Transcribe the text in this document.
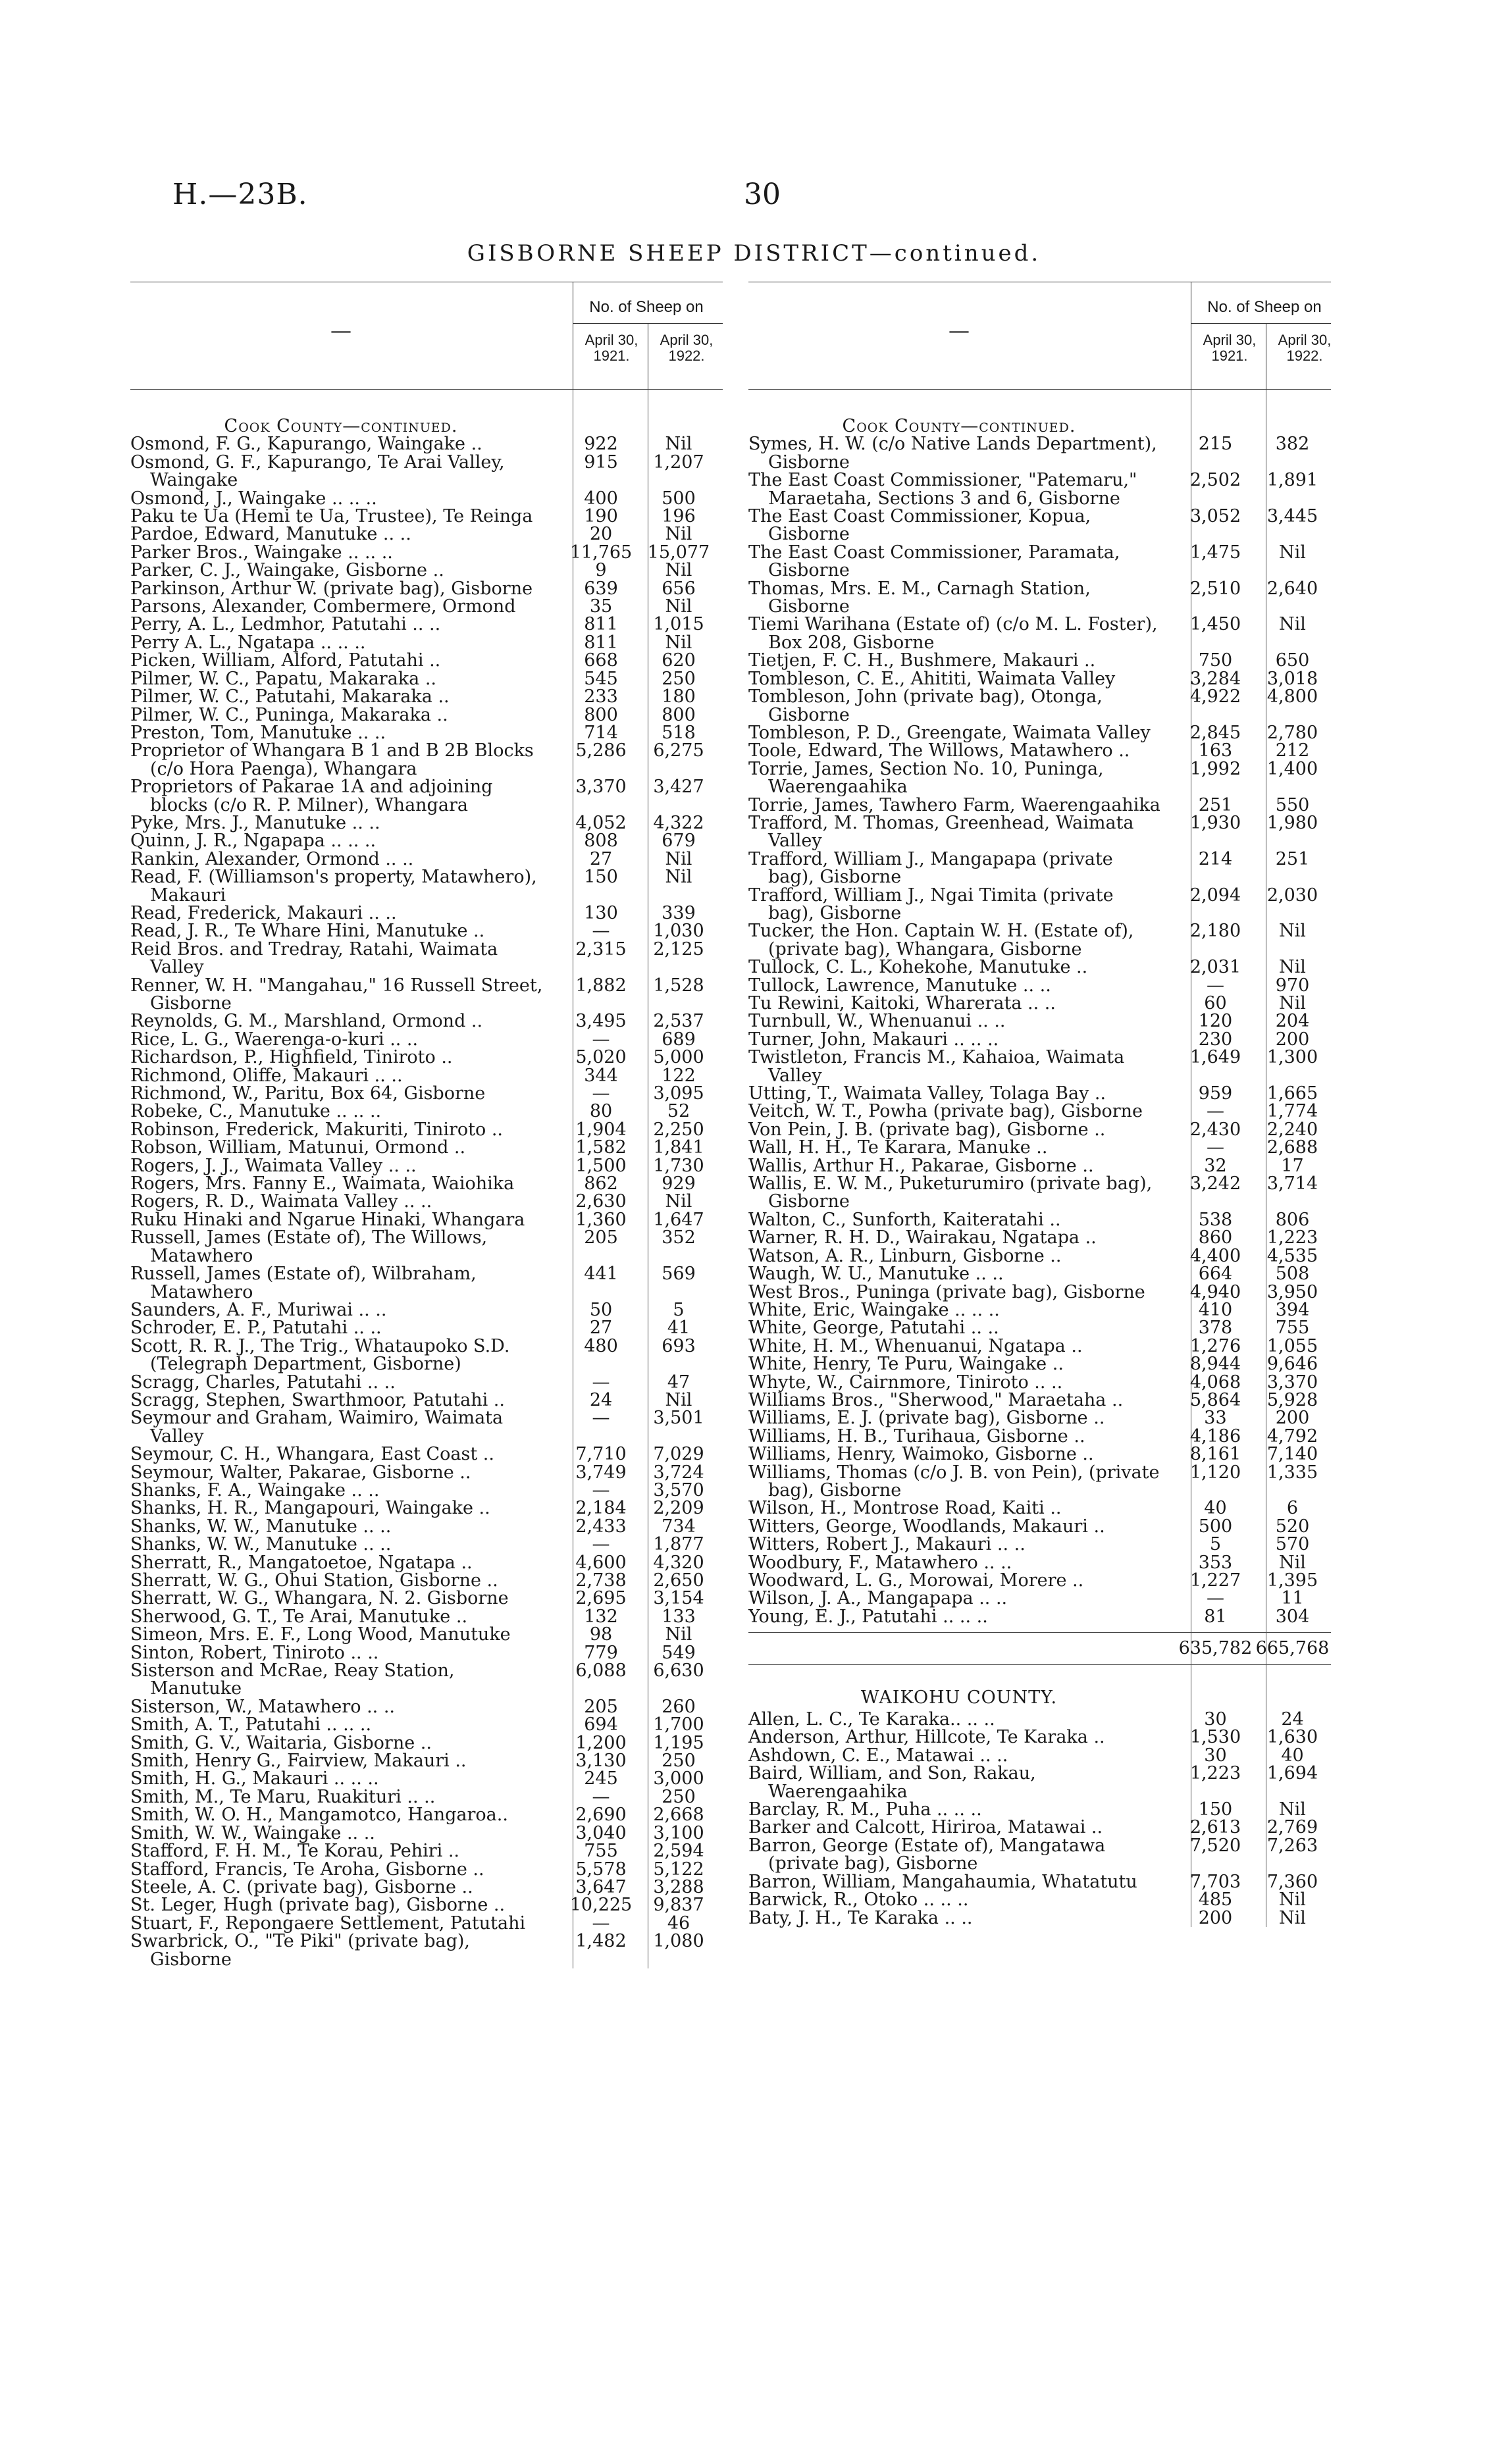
H.—23B.	30
GISBORNE SHEEP DISTRICT—continued.
—
No. of Sheep on
April 30,
1921.
April 30,
1922.
Cook County—continued.
Osmond, F. G., Kapurango, Waingake ..	922	Nil
Osmond, G. F., Kapurango, Te Arai Valley, Waingake
915	1,207
Osmond, J., Waingake .. .. ..	400	500
Paku te Ua (Hemi te Ua, Trustee), Te Reinga	190	196
Pardoe, Edward, Manutuke .. ..	20	Nil
Parker Bros., Waingake .. .. ..	11,765 15,077
Parker, C. J., Waingake, Gisborne ..	9	Nil
Parkinson, Arthur W. (private bag), Gisborne	639	656
Parsons, Alexander, Combermere, Ormond	35	Nil
Perry, A. L., Ledmhor, Patutahi .. ..	811	1,015
Perry A. L., Ngatapa .. .. ..	811	Nil
Picken, William, Alford, Patutahi ..	668	620
Pilmer, W. C., Papatu, Makaraka ..	545	250
Pilmer, W. C., Patutahi, Makaraka ..	233	180
Pilmer, W. C., Puninga, Makaraka ..	800	800
Preston, Tom, Manutuke .. ..	714	518
Proprietor of Whangara B 1 and B 2B Blocks (c/o Hora Paenga), Whangara
5,286	6,275
Proprietors of Pakarae 1A and adjoining blocks (c/o R. P. Milner), Whangara
3,370	3,427
Pyke, Mrs. J., Manutuke .. ..	4,052	4,322
Quinn, J. R., Ngapapa .. .. ..	808	679
Rankin, Alexander, Ormond .. ..	27	Nil
Read, F. (Williamson's property, Matawhero), Makauri
150	Nil
Read, Frederick, Makauri .. ..	130	339
Read, J. R., Te Whare Hini, Manutuke ..	—	1,030
Reid Bros. and Tredray, Ratahi, Waimata Valley
2,315	2,125
Renner, W. H. "Mangahau," 16 Russell Street, Gisborne
1,882	1,528
Reynolds, G. M., Marshland, Ormond ..	3,495	2,537
Rice, L. G., Waerenga-o-kuri .. ..	—	689
Richardson, P., Highfield, Tiniroto ..	5,020	5,000
Richmond, Oliffe, Makauri .. ..	344	122
Richmond, W., Paritu, Box 64, Gisborne	—	3,095
Robeke, C., Manutuke .. .. ..	80	52
Robinson, Frederick, Makuriti, Tiniroto ..	1,904	2,250
Robson, William, Matunui, Ormond ..	1,582	1,841
Rogers, J. J., Waimata Valley .. ..	1,500	1,730
Rogers, Mrs. Fanny E., Waimata, Waiohika	862	929
Rogers, R. D., Waimata Valley .. ..	2,630	Nil
Ruku Hinaki and Ngarue Hinaki, Whangara	1,360	1,647
Russell, James (Estate of), The Willows, Matawhero
205	352
Russell, James (Estate of), Wilbraham, Matawhero
441	569
Saunders, A. F., Muriwai .. ..	50	5
Schroder, E. P., Patutahi .. ..	27	41
Scott, R. R. J., The Trig., Whataupoko S.D. (Telegraph Department, Gisborne)
480	693
Scragg, Charles, Patutahi .. ..	—	47
Scragg, Stephen, Swarthmoor, Patutahi ..	24	Nil
Seymour and Graham, Waimiro, Waimata Valley
—	3,501
Seymour, C. H., Whangara, East Coast ..	7,710	7,029
Seymour, Walter, Pakarae, Gisborne ..	3,749	3,724
Shanks, F. A., Waingake .. ..	—	3,570
Shanks, H. R., Mangapouri, Waingake ..	2,184	2,209
Shanks, W. W., Manutuke .. ..	2,433	734
Shanks, W. W., Manutuke .. ..	—	1,877
Sherratt, R., Mangatoetoe, Ngatapa ..	4,600	4,320
Sherratt, W. G., Ohui Station, Gisborne ..	2,738	2,650
Sherratt, W. G., Whangara, N. 2. Gisborne	2,695	3,154
Sherwood, G. T., Te Arai, Manutuke ..	132	133
Simeon, Mrs. E. F., Long Wood, Manutuke	98	Nil
Sinton, Robert, Tiniroto .. ..	779	549
Sisterson and McRae, Reay Station, Manutuke
6,088	6,630
Sisterson, W., Matawhero .. ..	205	260
Smith, A. T., Patutahi .. .. ..	694	1,700
Smith, G. V., Waitaria, Gisborne ..	1,200	1,195
Smith, Henry G., Fairview, Makauri ..	3,130	250
Smith, H. G., Makauri .. .. ..	245	3,000
Smith, M., Te Maru, Ruakituri .. ..	—	250
Smith, W. O. H., Mangamotco, Hangaroa..	2,690	2,668
Smith, W. W., Waingake .. ..	3,040	3,100
Stafford, F. H. M., Te Korau, Pehiri ..	755	2,594
Stafford, Francis, Te Aroha, Gisborne ..	5,578	5,122
Steele, A. C. (private bag), Gisborne ..	3,647	3,288
St. Leger, Hugh (private bag), Gisborne ..	10,225	9,837
Stuart, F., Repongaere Settlement, Patutahi	—	46
Swarbrick, O., "Te Piki" (private bag), Gisborne
1,482	1,080
—
No. of Sheep on
April 30,
1921.
April 30,
1922.
Cook County—continued.
Symes, H. W. (c/o Native Lands Department), Gisborne
215	382
The East Coast Commissioner, "Patemaru," Maraetaha, Sections 3 and 6, Gisborne
2,502	1,891
The East Coast Commissioner, Kopua, Gisborne
3,052	3,445
The East Coast Commissioner, Paramata, Gisborne
1,475	Nil
Thomas, Mrs. E. M., Carnagh Station, Gisborne
2,510	2,640
Tiemi Warihana (Estate of) (c/o M. L. Foster), Box 208, Gisborne
1,450	Nil
Tietjen, F. C. H., Bushmere, Makauri ..	750	650
Tombleson, C. E., Ahititi, Waimata Valley	3,284	3,018
Tombleson, John (private bag), Otonga, Gisborne
4,922	4,800
Tombleson, P. D., Greengate, Waimata Valley	2,845	2,780
Toole, Edward, The Willows, Matawhero ..	163	212
Torrie, James, Section No. 10, Puninga, Waerengaahika
1,992	1,400
Torrie, James, Tawhero Farm, Waerengaahika	251	550
Trafford, M. Thomas, Greenhead, Waimata Valley
1,930	1,980
Trafford, William J., Mangapapa (private bag), Gisborne
214	251
Trafford, William J., Ngai Timita (private bag), Gisborne
2,094	2,030
Tucker, the Hon. Captain W. H. (Estate of), (private bag), Whangara, Gisborne
2,180	Nil
Tullock, C. L., Kohekohe, Manutuke ..	2,031	Nil
Tullock, Lawrence, Manutuke .. ..	—	970
Tu Rewini, Kaitoki, Wharerata .. ..	60	Nil
Turnbull, W., Whenuanui .. ..	120	204
Turner, John, Makauri .. .. ..	230	200
Twistleton, Francis M., Kahaioa, Waimata Valley
1,649	1,300
Utting, T., Waimata Valley, Tolaga Bay ..	959	1,665
Veitch, W. T., Powha (private bag), Gisborne	—	1,774
Von Pein, J. B. (private bag), Gisborne ..	2,430	2,240
Wall, H. H., Te Karara, Manuke ..	—	2,688
Wallis, Arthur H., Pakarae, Gisborne ..	32	17
Wallis, E. W. M., Puketurumiro (private bag), Gisborne
3,242	3,714
Walton, C., Sunforth, Kaiteratahi ..	538	806
Warner, R. H. D., Wairakau, Ngatapa ..	860	1,223
Watson, A. R., Linburn, Gisborne ..	4,400	4,535
Waugh, W. U., Manutuke .. ..	664	508
West Bros., Puninga (private bag), Gisborne	4,940	3,950
White, Eric, Waingake .. .. ..	410	394
White, George, Patutahi .. ..	378	755
White, H. M., Whenuanui, Ngatapa ..	1,276	1,055
White, Henry, Te Puru, Waingake ..	8,944	9,646
Whyte, W., Cairnmore, Tiniroto .. ..	4,068	3,370
Williams Bros., "Sherwood," Maraetaha ..	5,864	5,928
Williams, E. J. (private bag), Gisborne ..	33	200
Williams, H. B., Turihaua, Gisborne ..	4,186	4,792
Williams, Henry, Waimoko, Gisborne ..	8,161	7,140
Williams, Thomas (c/o J. B. von Pein), (private bag), Gisborne
1,120	1,335
Wilson, H., Montrose Road, Kaiti ..	40	6
Witters, George, Woodlands, Makauri ..	500	520
Witters, Robert J., Makauri .. ..	5	570
Woodbury, F., Matawhero .. ..	353	Nil
Woodward, L. G., Morowai, Morere ..	1,227	1,395
Wilson, J. A., Mangapapa .. ..	—	11
Young, E. J., Patutahi .. .. ..	81	304
635,782 665,768
WAIKOHU COUNTY.
Allen, L. C., Te Karaka.. .. ..	30	24
Anderson, Arthur, Hillcote, Te Karaka ..	1,530	1,630
Ashdown, C. E., Matawai .. ..	30	40
Baird, William, and Son, Rakau, Waerengaahika
1,223	1,694
Barclay, R. M., Puha .. .. ..	150	Nil
Barker and Calcott, Hiriroa, Matawai ..	2,613	2,769
Barron, George (Estate of), Mangatawa (private bag), Gisborne
7,520	7,263
Barron, William, Mangahaumia, Whatatutu	7,703	7,360
Barwick, R., Otoko .. .. ..	485	Nil
Baty, J. H., Te Karaka .. ..	200	Nil
